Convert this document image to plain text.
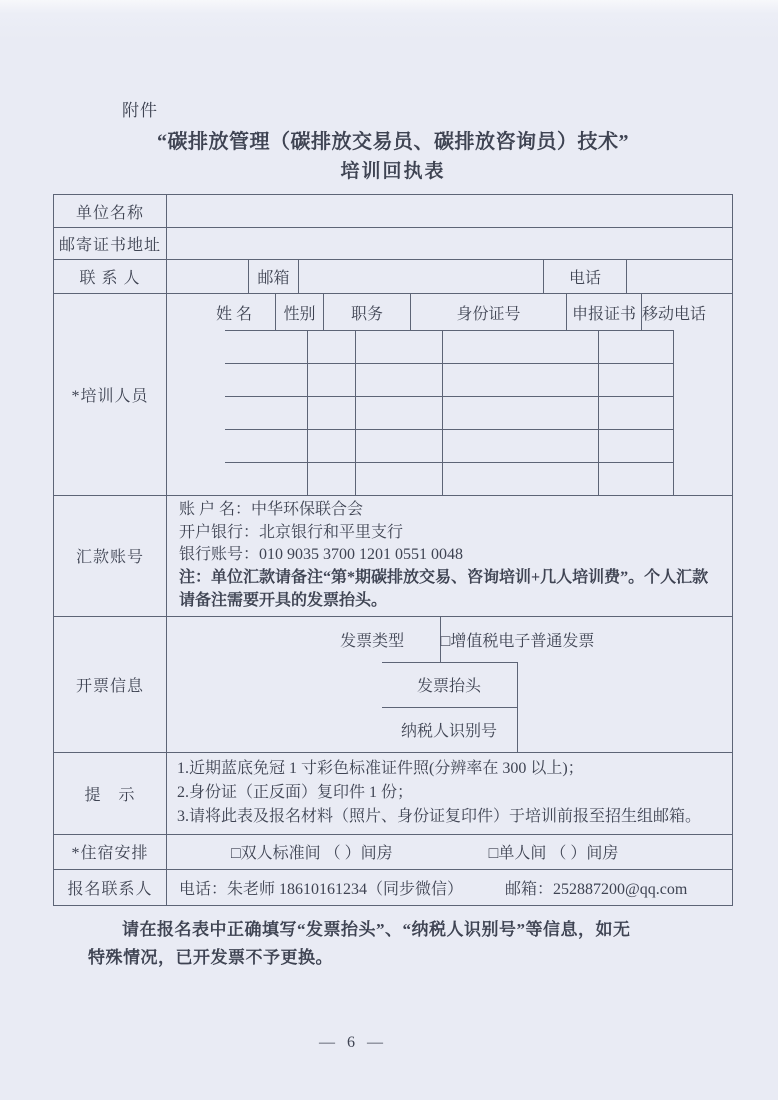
附件
“碳排放管理（碳排放交易员、碳排放咨询员）技术”
培训回执表
单位名称
邮寄证书地址
联 系 人	邮箱	电话
*培训人员
姓 名	性别	职务	身份证号	申报证书 移动电话
汇款账号
账 户 名：中华环保联合会
开户银行：北京银行和平里支行
银行账号：010 9035 3700 1201 0551 0048
注：单位汇款请备注“第*期碳排放交易、咨询培训+几人培训费”。个人汇款请备注需要开具的发票抬头。
开票信息
发票类型	□增值税电子普通发票
发票抬头
纳税人识别号
提　示
1.近期蓝底免冠 1 寸彩色标准证件照(分辨率在 300 以上)；
2.身份证（正反面）复印件 1 份；
3.请将此表及报名材料（照片、身份证复印件）于培训前报至招生组邮箱。
*住宿安排	□双人标准间 （ ）间房	□单人间 （ ）间房
报名联系人	电话：朱老师 18610161234（同步微信）	邮箱：252887200@qq.com
请在报名表中正确填写“发票抬头”、“纳税人识别号”等信息，如无
特殊情况，已开发票不予更换。
— 6 —
